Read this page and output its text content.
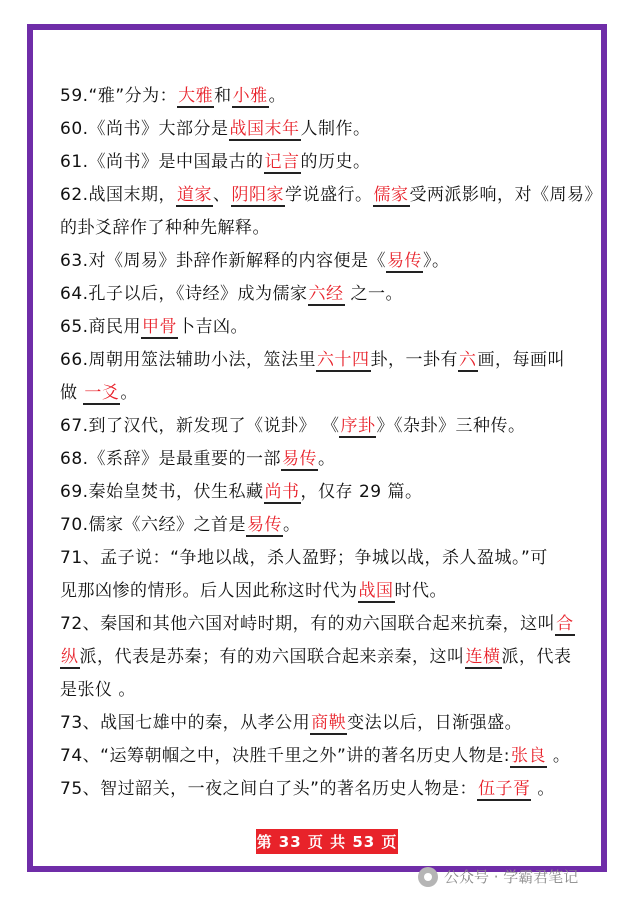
59.“雅”分为：大雅和小雅。
60.《尚书》大部分是战国末年人制作。
61.《尚书》是中国最古的记言的历史。
62.战国末期，道家、阴阳家学说盛行。儒家受两派影响，对《周易》
的卦爻辞作了种种先解释。
63.对《周易》卦辞作新解释的内容便是《易传》。
64.孔子以后，《诗经》成为儒家六经 之一。
65.商民用甲骨卜吉凶。
66.周朝用筮法辅助小法，筮法里六十四卦，一卦有六画，每画叫
做 一爻。
67.到了汉代，新发现了《说卦》 《序卦》《杂卦》三种传。
68.《系辞》是最重要的一部易传。
69.秦始皇焚书，伏生私藏尚书，仅存 29 篇。
70.儒家《六经》之首是易传。
71、孟子说：“争地以战，杀人盈野；争城以战，杀人盈城。”可
见那凶惨的情形。后人因此称这时代为战国时代。
72、秦国和其他六国对峙时期，有的劝六国联合起来抗秦，这叫合
纵派，代表是苏秦；有的劝六国联合起来亲秦，这叫连横派，代表
是张仪 。
73、战国七雄中的秦，从孝公用商鞅变法以后，日渐强盛。
74、“运筹朝帼之中，决胜千里之外”讲的著名历史人物是:张良 。
75、智过韶关，一夜之间白了头”的著名历史人物是：伍子胥 。
第 33 页 共 53 页
公众号 · 学霸君笔记
